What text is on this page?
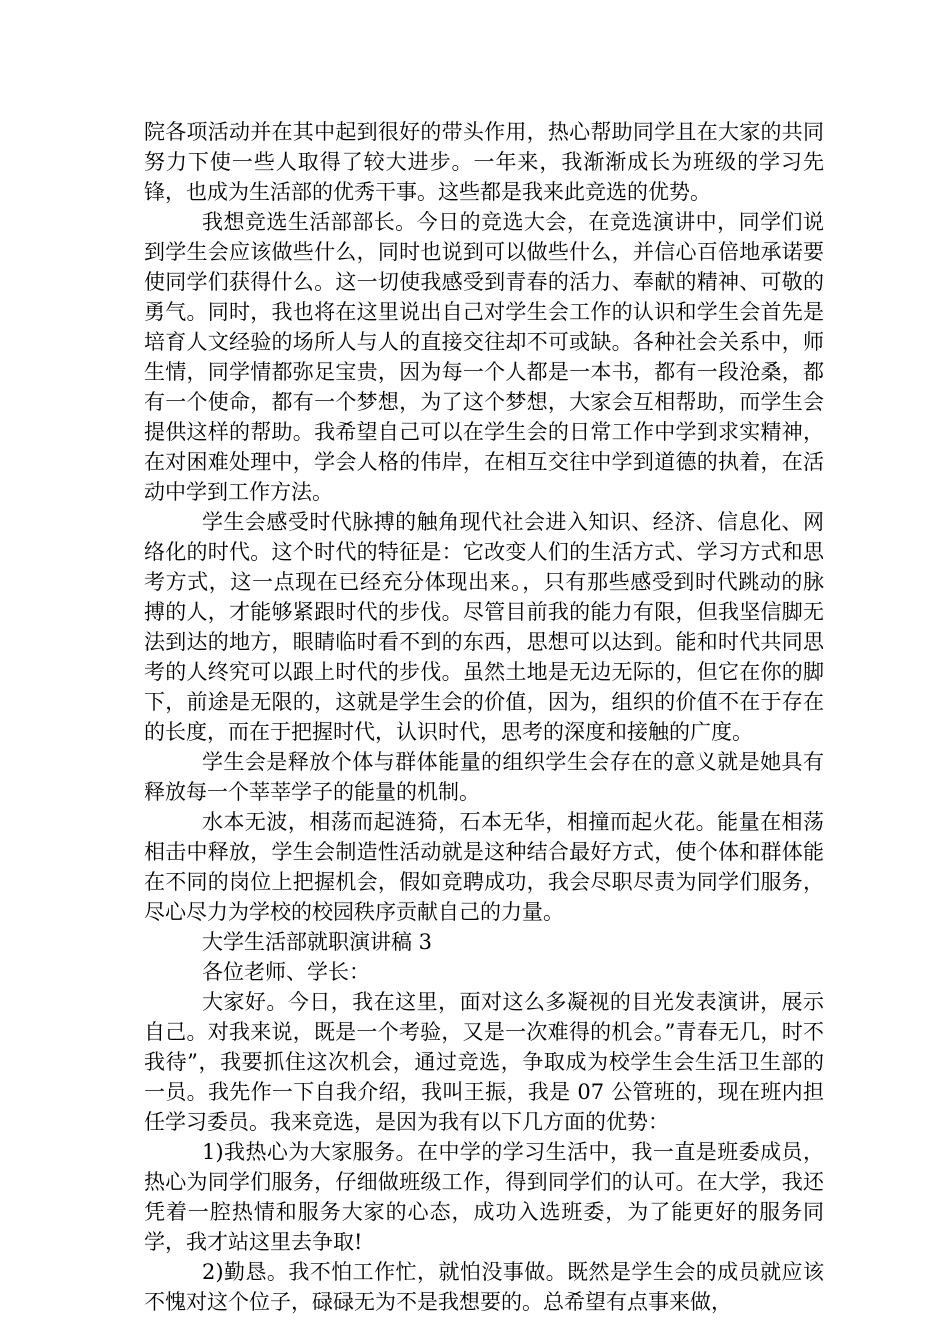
院各项活动并在其中起到很好的带头作用，热心帮助同学且在大家的共同努力下使一些人取得了较大进步。一年来，我渐渐成长为班级的学习先锋，也成为生活部的优秀干事。这些都是我来此竞选的优势。

我想竞选生活部部长。今日的竞选大会，在竞选演讲中，同学们说到学生会应该做些什么，同时也说到可以做些什么，并信心百倍地承诺要使同学们获得什么。这一切使我感受到青春的活力、奉献的精神、可敬的勇气。同时，我也将在这里说出自己对学生会工作的认识和学生会首先是培育人文经验的场所人与人的直接交往却不可或缺。各种社会关系中，师生情，同学情都弥足宝贵，因为每一个人都是一本书，都有一段沧桑，都有一个使命，都有一个梦想，为了这个梦想，大家会互相帮助，而学生会提供这样的帮助。我希望自己可以在学生会的日常工作中学到求实精神，在对困难处理中，学会人格的伟岸，在相互交往中学到道德的执着，在活动中学到工作方法。

学生会感受时代脉搏的触角现代社会进入知识、经济、信息化、网络化的时代。这个时代的特征是：它改变人们的生活方式、学习方式和思考方式，这一点现在已经充分体现出来。，只有那些感受到时代跳动的脉搏的人，才能够紧跟时代的步伐。尽管目前我的能力有限，但我坚信脚无法到达的地方，眼睛临时看不到的东西，思想可以达到。能和时代共同思考的人终究可以跟上时代的步伐。虽然土地是无边无际的，但它在你的脚下，前途是无限的，这就是学生会的价值，因为，组织的价值不在于存在的长度，而在于把握时代，认识时代，思考的深度和接触的广度。

学生会是释放个体与群体能量的组织学生会存在的意义就是她具有释放每一个莘莘学子的能量的机制。

水本无波，相荡而起涟猗，石本无华，相撞而起火花。能量在相荡相击中释放，学生会制造性活动就是这种结合最好方式，使个体和群体能在不同的岗位上把握机会，假如竞聘成功，我会尽职尽责为同学们服务，尽心尽力为学校的校园秩序贡献自己的力量。

大学生活部就职演讲稿 3

各位老师、学长：

大家好。今日，我在这里，面对这么多凝视的目光发表演讲，展示自己。对我来说，既是一个考验，又是一次难得的机会。”青春无几，时不我待”，我要抓住这次机会，通过竞选，争取成为校学生会生活卫生部的一员。我先作一下自我介绍，我叫王振，我是 07 公管班的，现在班内担任学习委员。我来竞选，是因为我有以下几方面的优势：

1)我热心为大家服务。在中学的学习生活中，我一直是班委成员，热心为同学们服务，仔细做班级工作，得到同学们的认可。在大学，我还凭着一腔热情和服务大家的心态，成功入选班委，为了能更好的服务同学，我才站这里去争取!

2)勤恳。我不怕工作忙，就怕没事做。既然是学生会的成员就应该不愧对这个位子，碌碌无为不是我想要的。总希望有点事来做，
